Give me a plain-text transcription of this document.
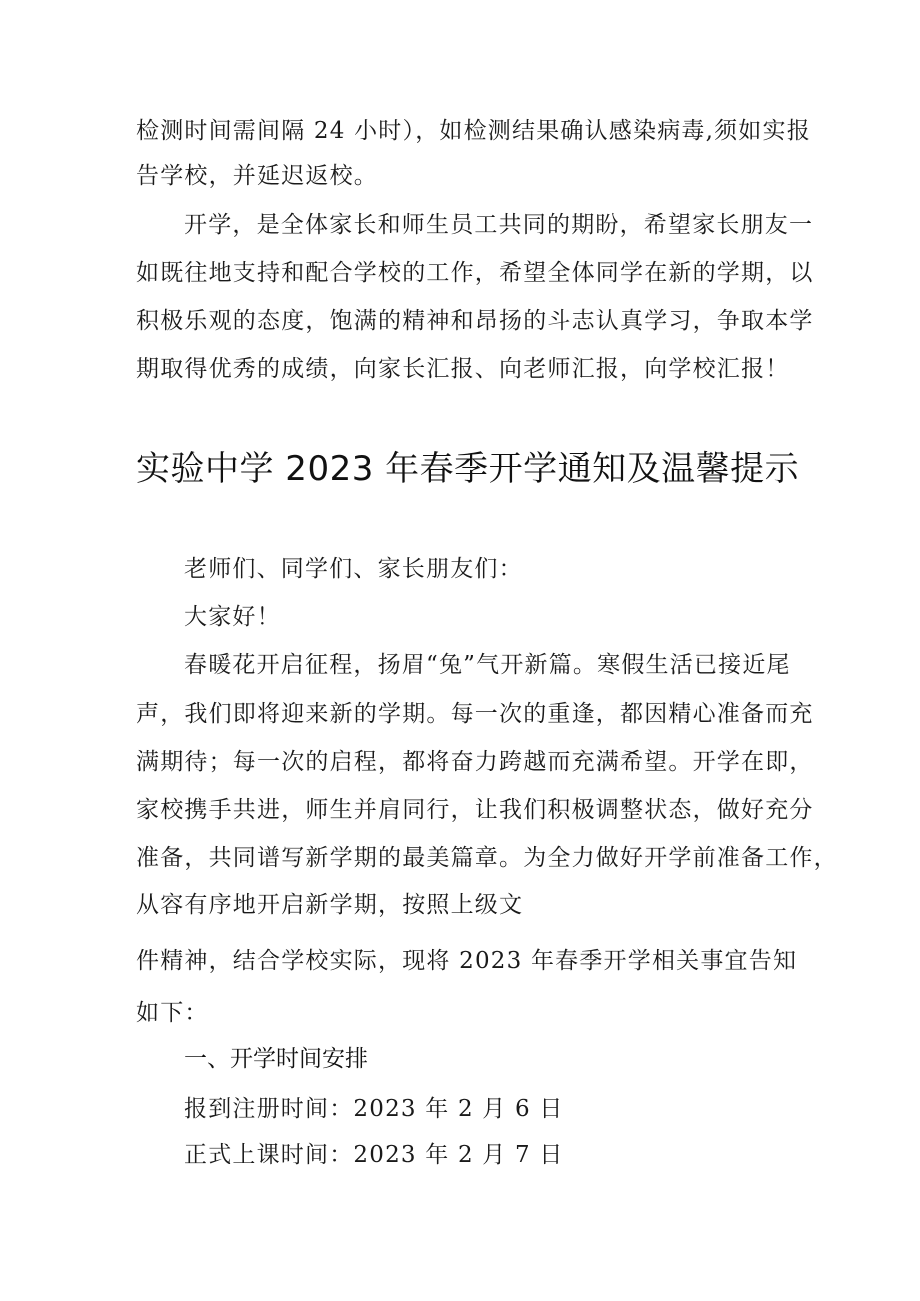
检测时间需间隔 24 小时），如检测结果确认感染病毒,须如实报
告学校，并延迟返校。
开学，是全体家长和师生员工共同的期盼，希望家长朋友一
如既往地支持和配合学校的工作，希望全体同学在新的学期，以
积极乐观的态度，饱满的精神和昂扬的斗志认真学习，争取本学
期取得优秀的成绩，向家长汇报、向老师汇报，向学校汇报！
实验中学 2023 年春季开学通知及温馨提示
老师们、同学们、家长朋友们：
大家好！
春暖花开启征程，扬眉“兔”气开新篇。寒假生活已接近尾
声，我们即将迎来新的学期。每一次的重逢，都因精心准备而充
满期待；每一次的启程，都将奋力跨越而充满希望。开学在即，
家校携手共进，师生并肩同行，让我们积极调整状态，做好充分
准备，共同谱写新学期的最美篇章。为全力做好开学前准备工作，
从容有序地开启新学期，按照上级文
件精神，结合学校实际，现将 2023 年春季开学相关事宜告知
如下：
一、开学时间安排
报到注册时间：2023 年 2 月 6 日
正式上课时间：2023 年 2 月 7 日
